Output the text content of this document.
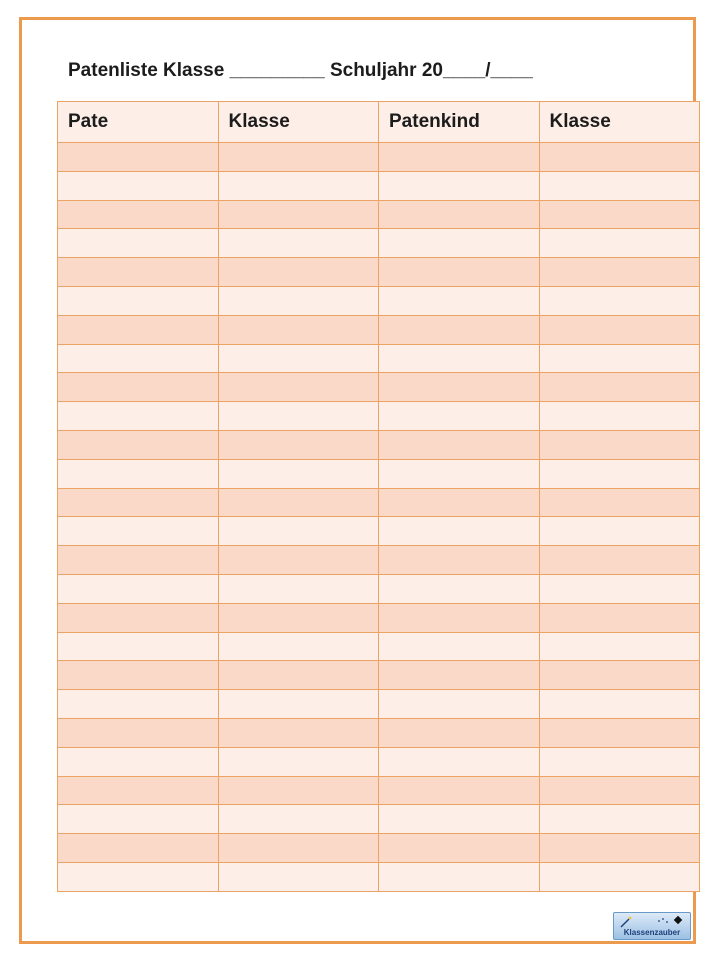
Patenliste Klasse _________ Schuljahr 20____/____
Pate	Klasse	Patenkind	Klasse

Klassenzauber
